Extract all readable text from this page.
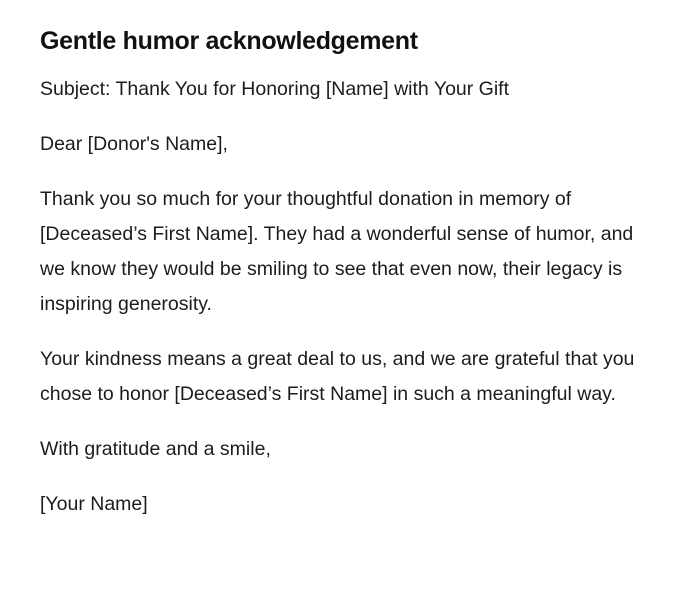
Gentle humor acknowledgement

Subject: Thank You for Honoring [Name] with Your Gift

Dear [Donor's Name],

Thank you so much for your thoughtful donation in memory of [Deceased’s First Name]. They had a wonderful sense of humor, and we know they would be smiling to see that even now, their legacy is inspiring generosity.

Your kindness means a great deal to us, and we are grateful that you chose to honor [Deceased’s First Name] in such a meaningful way.

With gratitude and a smile,

[Your Name]
